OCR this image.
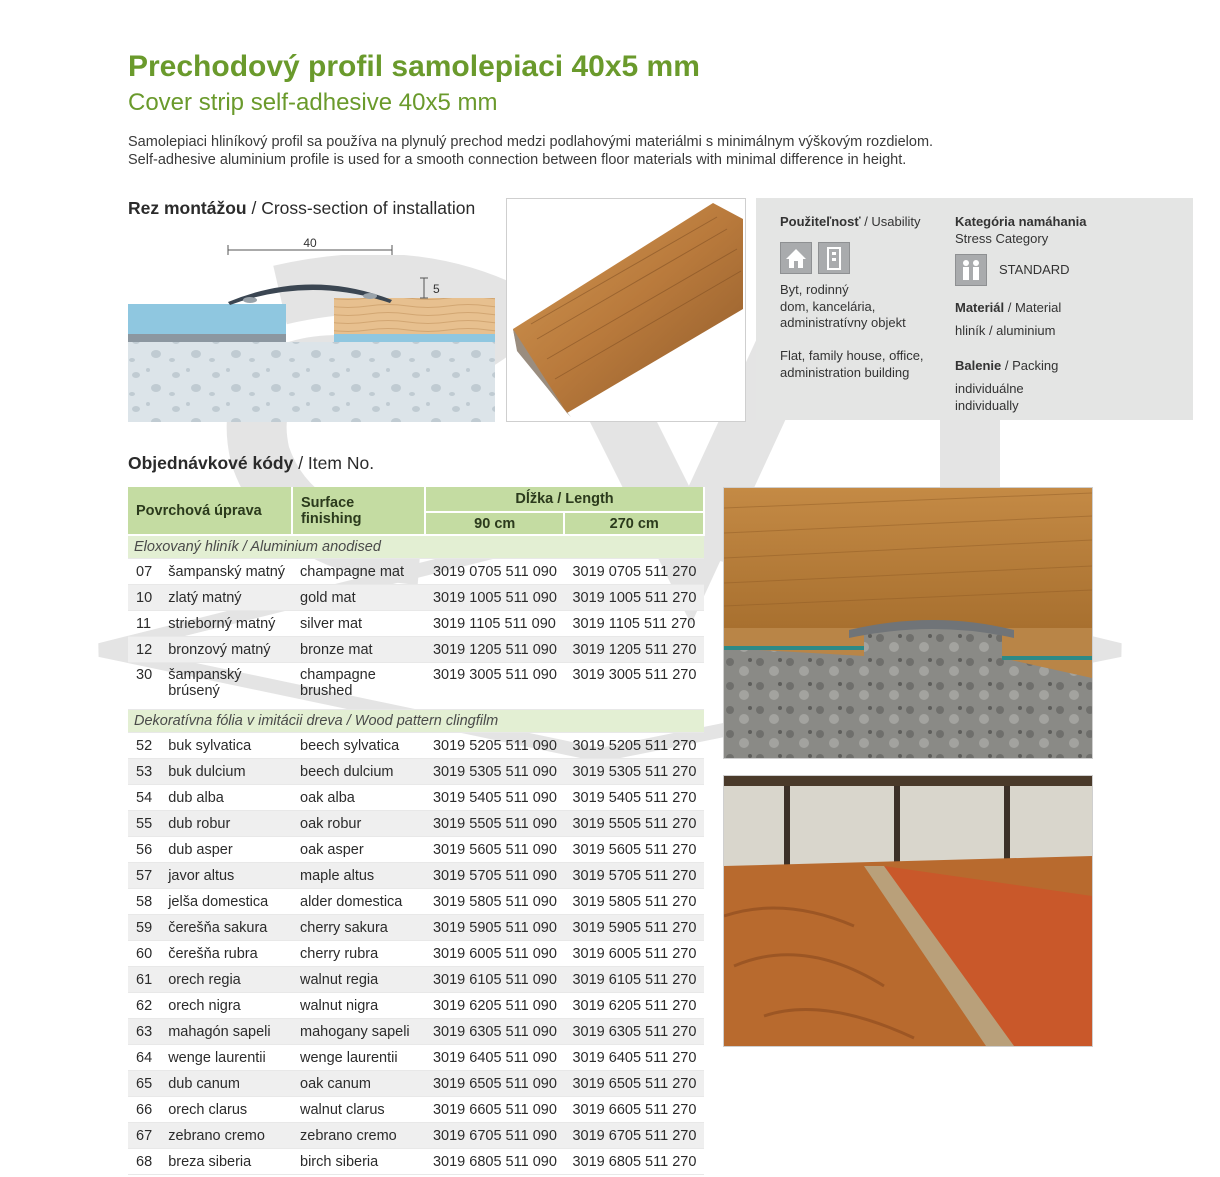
Prechodový profil samolepiaci 40x5 mm
Cover strip self-adhesive 40x5 mm
Samolepiaci hliníkový profil sa používa na plynulý prechod medzi podlahovými materiálmi s minimálnym výškovým rozdielom.
Self-adhesive aluminium profile is used for a smooth connection between floor materials with minimal difference in height.
Rez montážou / Cross-section of installation
40
5
Použiteľnosť / Usability
Byt, rodinný
dom, kancelária,
administratívny objekt
Flat, family house, office,
administration building
Kategória namáhania
Stress Category
STANDARD
Materiál / Material
hliník / aluminium
Balenie / Packing
individuálne
individually
Objednávkové kódy / Item No.
Povrchová úprava		Surface finishing	Dĺžka / Length	
			90 cm	270 cm
Eloxovaný hliník / Aluminium anodised				
07	šampanský matný	champagne mat	3019 0705 511 090	3019 0705 511 270
10	zlatý matný	gold mat	3019 1005 511 090	3019 1005 511 270
11	strieborný matný	silver mat	3019 1105 511 090	3019 1105 511 270
12	bronzový matný	bronze mat	3019 1205 511 090	3019 1205 511 270
30	šampanský brúsený	champagne brushed	3019 3005 511 090	3019 3005 511 270
Dekoratívna fólia v imitácii dreva / Wood pattern clingfilm				
52	buk sylvatica	beech sylvatica	3019 5205 511 090	3019 5205 511 270
53	buk dulcium	beech dulcium	3019 5305 511 090	3019 5305 511 270
54	dub alba	oak alba	3019 5405 511 090	3019 5405 511 270
55	dub robur	oak robur	3019 5505 511 090	3019 5505 511 270
56	dub asper	oak asper	3019 5605 511 090	3019 5605 511 270
57	javor altus	maple altus	3019 5705 511 090	3019 5705 511 270
58	jelša domestica	alder domestica	3019 5805 511 090	3019 5805 511 270
59	čerešňa sakura	cherry sakura	3019 5905 511 090	3019 5905 511 270
60	čerešňa rubra	cherry rubra	3019 6005 511 090	3019 6005 511 270
61	orech regia	walnut regia	3019 6105 511 090	3019 6105 511 270
62	orech nigra	walnut nigra	3019 6205 511 090	3019 6205 511 270
63	mahagón sapeli	mahogany sapeli	3019 6305 511 090	3019 6305 511 270
64	wenge laurentii	wenge laurentii	3019 6405 511 090	3019 6405 511 270
65	dub canum	oak canum	3019 6505 511 090	3019 6505 511 270
66	orech clarus	walnut clarus	3019 6605 511 090	3019 6605 511 270
67	zebrano cremo	zebrano cremo	3019 6705 511 090	3019 6705 511 270
68	breza siberia	birch siberia	3019 6805 511 090	3019 6805 511 270
